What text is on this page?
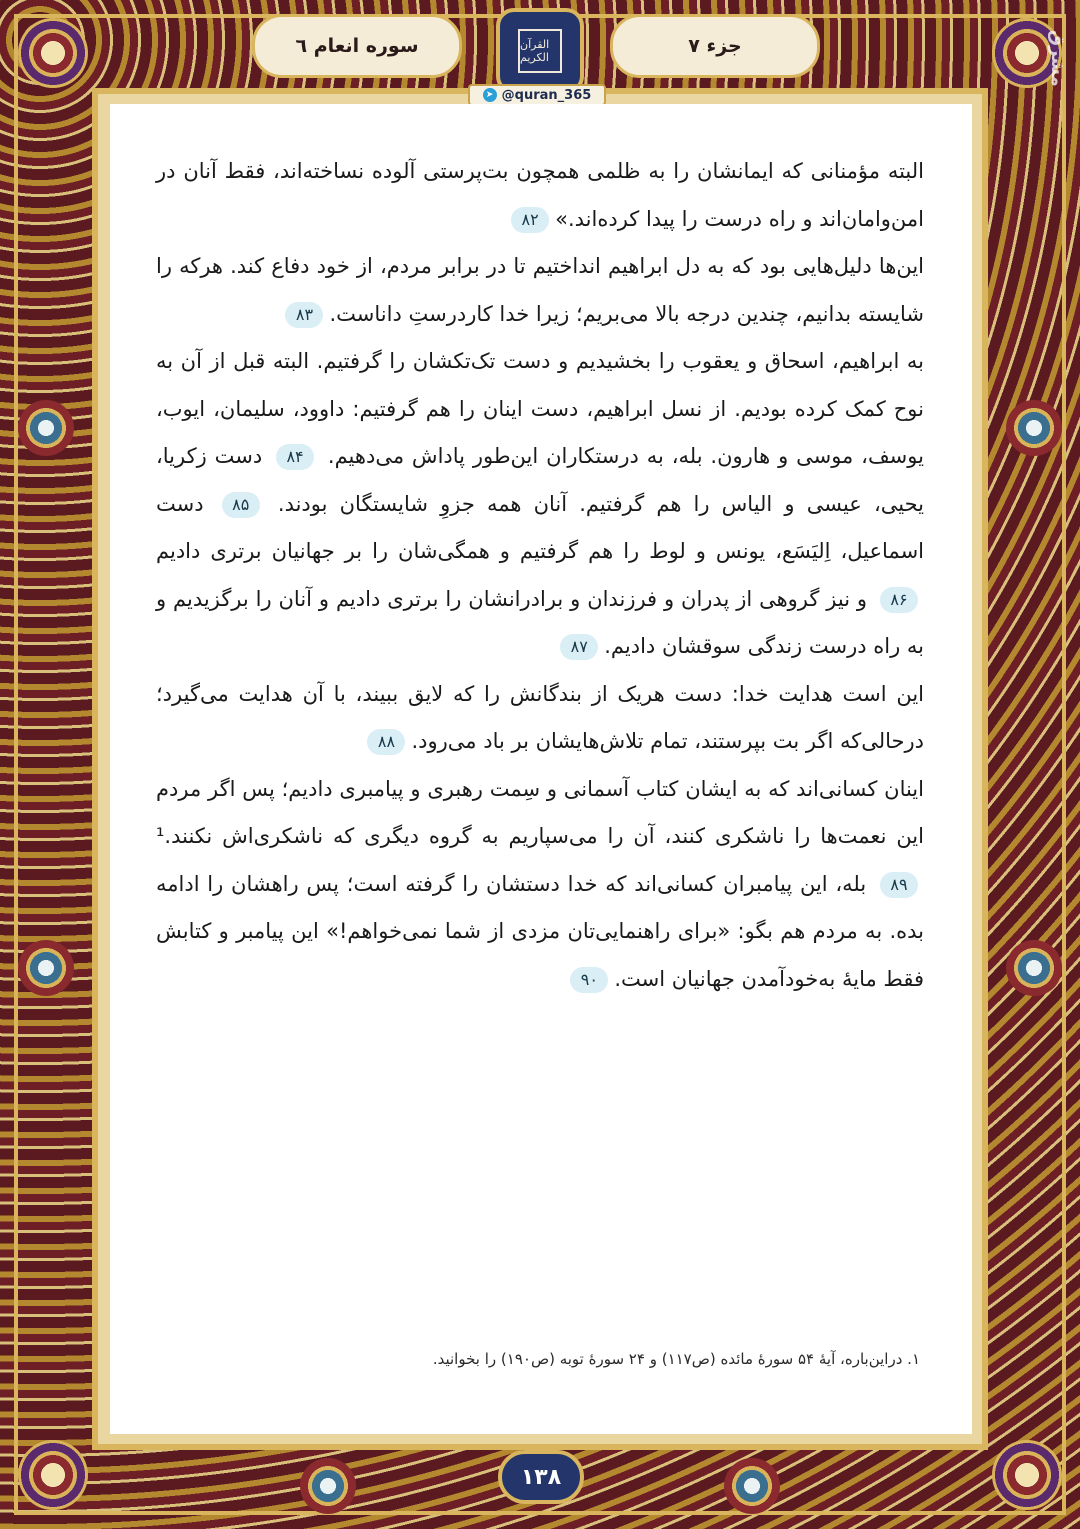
جزء ۷
سوره انعام ٦	القرآن الكريم
➤ @quran_365
مشرق
البته مؤمنانی که ایمانشان را به ظلمی همچون بت‌پرستی آلوده نساخته‌اند، فقط آنان در امن‌وامان‌اند و راه درست را پیدا کرده‌اند.»۸۲
این‌ها دلیل‌هایی بود که به دل ابراهیم انداختیم تا در برابر مردم، از خود دفاع کند. هرکه را شایسته بدانیم، چندین درجه بالا می‌بریم؛ زیرا خدا کاردرستِ داناست.۸۳
به ابراهیم، اسحاق و یعقوب را بخشیدیم و دست تک‌تکشان را گرفتیم. البته قبل از آن به نوح کمک کرده بودیم. از نسل ابراهیم، دست اینان را هم گرفتیم: داوود، سلیمان، ایوب، یوسف، موسی و هارون. بله، به درستکاران این‌طور پاداش می‌دهیم. ۸۴ دست زکریا، یحیی، عیسی و الیاس را هم گرفتیم. آنان همه جزوِ شایستگان بودند. ۸۵ دست اسماعیل، اِلیَسَع، یونس و لوط را هم گرفتیم و همگی‌شان را بر جهانیان برتری دادیم ۸۶ و نیز گروهی از پدران و فرزندان و برادرانشان را برتری دادیم و آنان را برگزیدیم و به راه درست زندگی سوقشان دادیم.۸۷
این است هدایت خدا: دست هریک از بندگانش را که لایق ببیند، با آن هدایت می‌گیرد؛ درحالی‌که اگر بت بپرستند، تمام تلاش‌هایشان بر باد می‌رود.۸۸
اینان کسانی‌اند که به ایشان کتاب آسمانی و سِمت رهبری و پیامبری دادیم؛ پس اگر مردم این نعمت‌ها را ناشکری کنند، آن را می‌سپاریم به گروه دیگری که ناشکری‌اش نکنند.¹ ۸۹ بله، این پیامبران کسانی‌اند که خدا دستشان را گرفته است؛ پس راهشان را ادامه بده. به مردم هم بگو: «برای راهنمایی‌تان مزدی از شما نمی‌خواهم!» این پیامبر و کتابش فقط مایهٔ به‌خودآمدن جهانیان است.۹۰
۱. دراین‌باره، آیهٔ ۵۴ سورهٔ مائده (ص۱۱۷) و ۲۴ سورهٔ توبه (ص۱۹۰) را بخوانید.
۱۳۸
